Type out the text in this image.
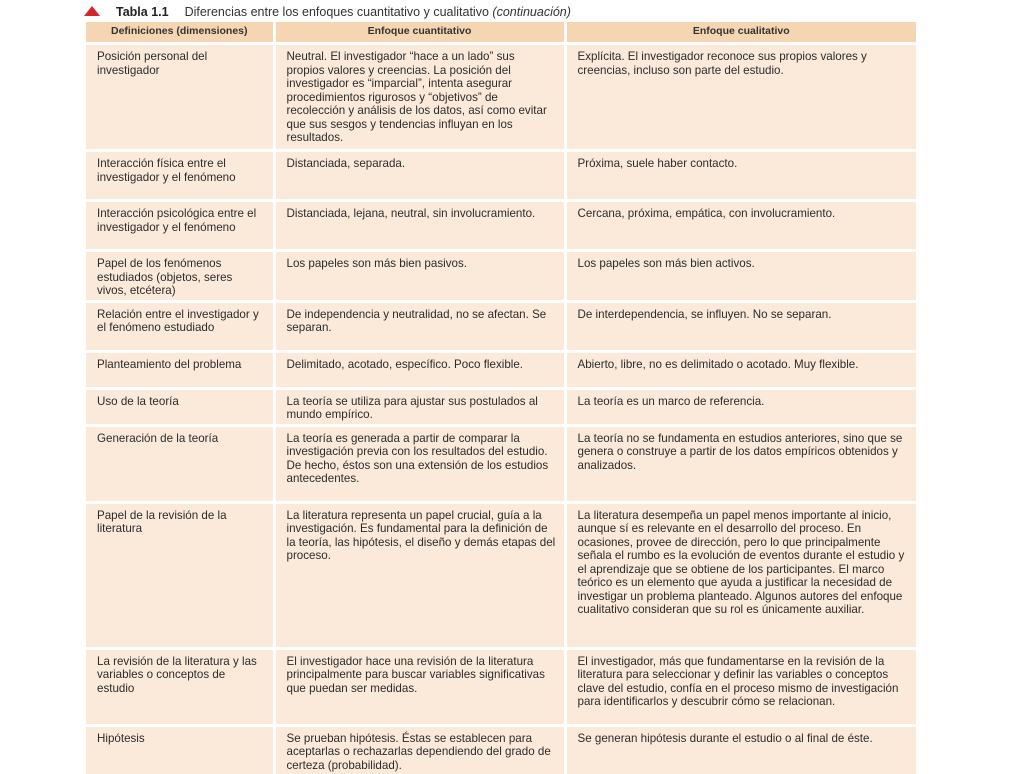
Tabla 1.1 Diferencias entre los enfoques cuantitativo y cualitativo (continuación)
Definiciones (dimensiones)	Enfoque cuantitativo	Enfoque cualitativo
Posición personal del investigador	Neutral. El investigador “hace a un lado” sus propios valores y creencias. La posición del investigador es “imparcial”, intenta asegurar procedimientos rigurosos y “objetivos” de recolección y análisis de los datos, así como evitar que sus sesgos y tendencias influyan en los resultados.	Explícita. El investigador reconoce sus propios valores y creencias, incluso son parte del estudio.
Interacción física entre el investigador y el fenómeno	Distanciada, separada.	Próxima, suele haber contacto.
Interacción psicológica entre el investigador y el fenómeno	Distanciada, lejana, neutral, sin involucramiento.	Cercana, próxima, empática, con involucramiento.
Papel de los fenómenos estudiados (objetos, seres vivos, etcétera)	Los papeles son más bien pasivos.	Los papeles son más bien activos.
Relación entre el investigador y el fenómeno estudiado	De independencia y neutralidad, no se afectan. Se separan.	De interdependencia, se influyen. No se separan.
Planteamiento del problema	Delimitado, acotado, específico. Poco flexible.	Abierto, libre, no es delimitado o acotado. Muy flexible.
Uso de la teoría	La teoría se utiliza para ajustar sus postulados al mundo empírico.	La teoría es un marco de referencia.
Generación de la teoría	La teoría es generada a partir de comparar la investigación previa con los resultados del estudio. De hecho, éstos son una extensión de los estudios antecedentes.	La teoría no se fundamenta en estudios anteriores, sino que se genera o construye a partir de los datos empíricos obtenidos y analizados.
Papel de la revisión de la literatura	La literatura representa un papel crucial, guía a la investigación. Es fundamental para la definición de la teoría, las hipótesis, el diseño y demás etapas del proceso.	La literatura desempeña un papel menos importante al inicio, aunque sí es relevante en el desarrollo del proceso. En ocasiones, provee de dirección, pero lo que principalmente señala el rumbo es la evolución de eventos durante el estudio y el aprendizaje que se obtiene de los participantes. El marco teórico es un elemento que ayuda a justificar la necesidad de investigar un problema planteado. Algunos autores del enfoque cualitativo consideran que su rol es únicamente auxiliar.
La revisión de la literatura y las variables o conceptos de estudio	El investigador hace una revisión de la literatura principalmente para buscar variables significativas que puedan ser medidas.	El investigador, más que fundamentarse en la revisión de la literatura para seleccionar y definir las variables o conceptos clave del estudio, confía en el proceso mismo de investigación para identificarlos y descubrir cómo se relacionan.
Hipótesis	Se prueban hipótesis. Éstas se establecen para aceptarlas o rechazarlas dependiendo del grado de certeza (probabilidad).	Se generan hipótesis durante el estudio o al final de éste.
